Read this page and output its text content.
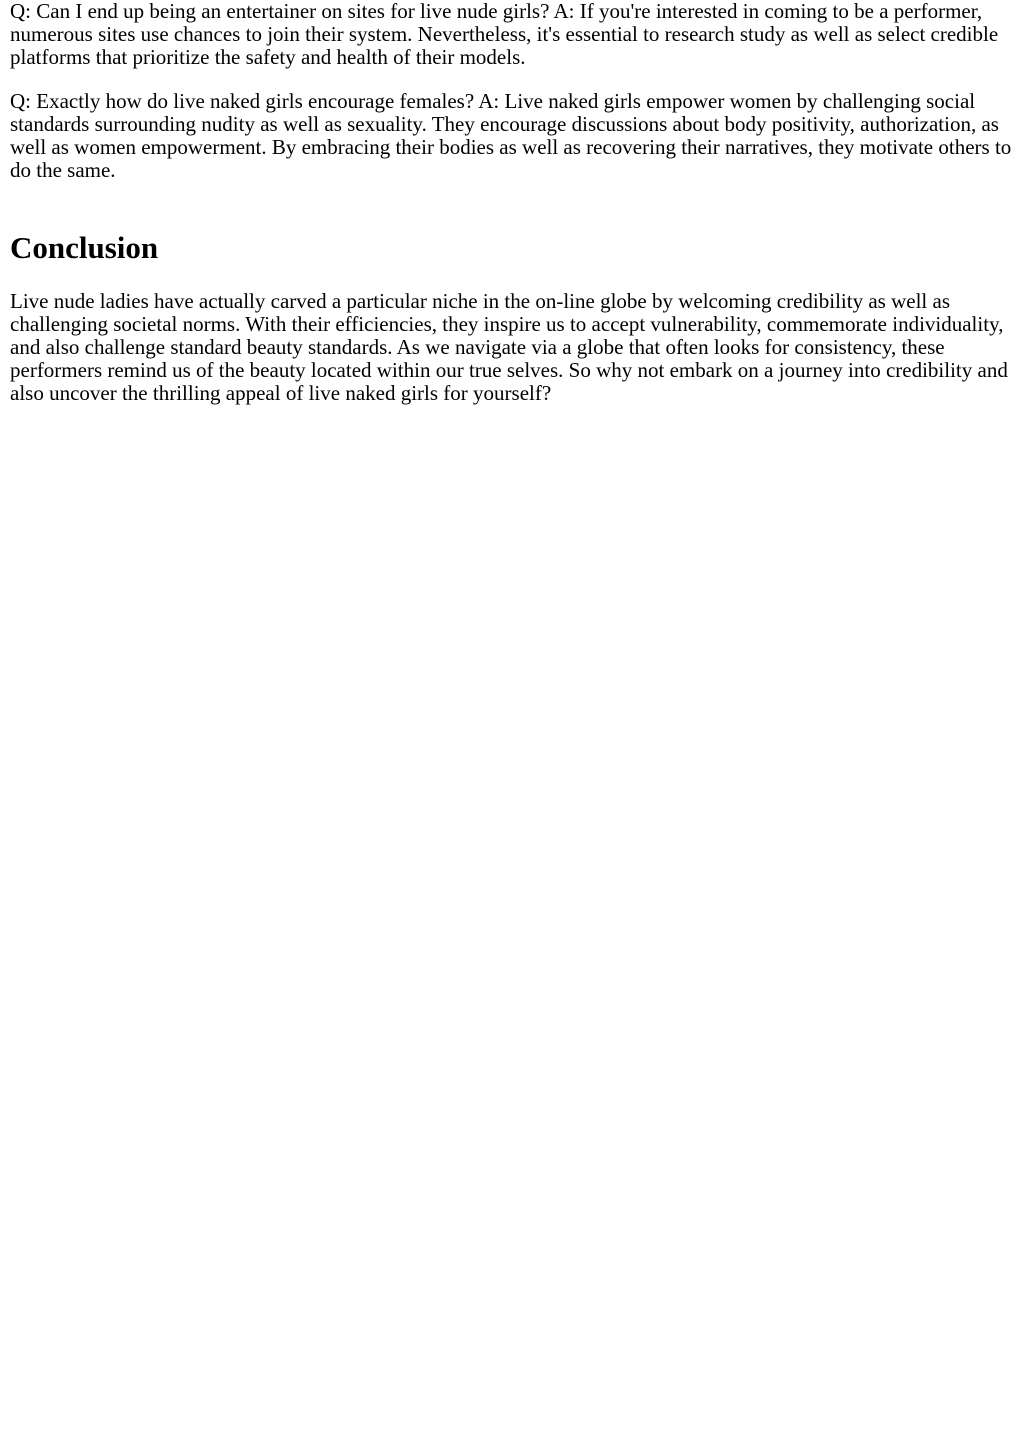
Q: Can I end up being an entertainer on sites for live nude girls? A: If you're interested in coming to be a performer, numerous sites use chances to join their system. Nevertheless, it's essential to research study as well as select credible platforms that prioritize the safety and health of their models.

Q: Exactly how do live naked girls encourage females? A: Live naked girls empower women by challenging social standards surrounding nudity as well as sexuality. They encourage discussions about body positivity, authorization, as well as women empowerment. By embracing their bodies as well as recovering their narratives, they motivate others to do the same.

Conclusion

Live nude ladies have actually carved a particular niche in the on-line globe by welcoming credibility as well as challenging societal norms. With their efficiencies, they inspire us to accept vulnerability, commemorate individuality, and also challenge standard beauty standards. As we navigate via a globe that often looks for consistency, these performers remind us of the beauty located within our true selves. So why not embark on a journey into credibility and also uncover the thrilling appeal of live naked girls for yourself?
